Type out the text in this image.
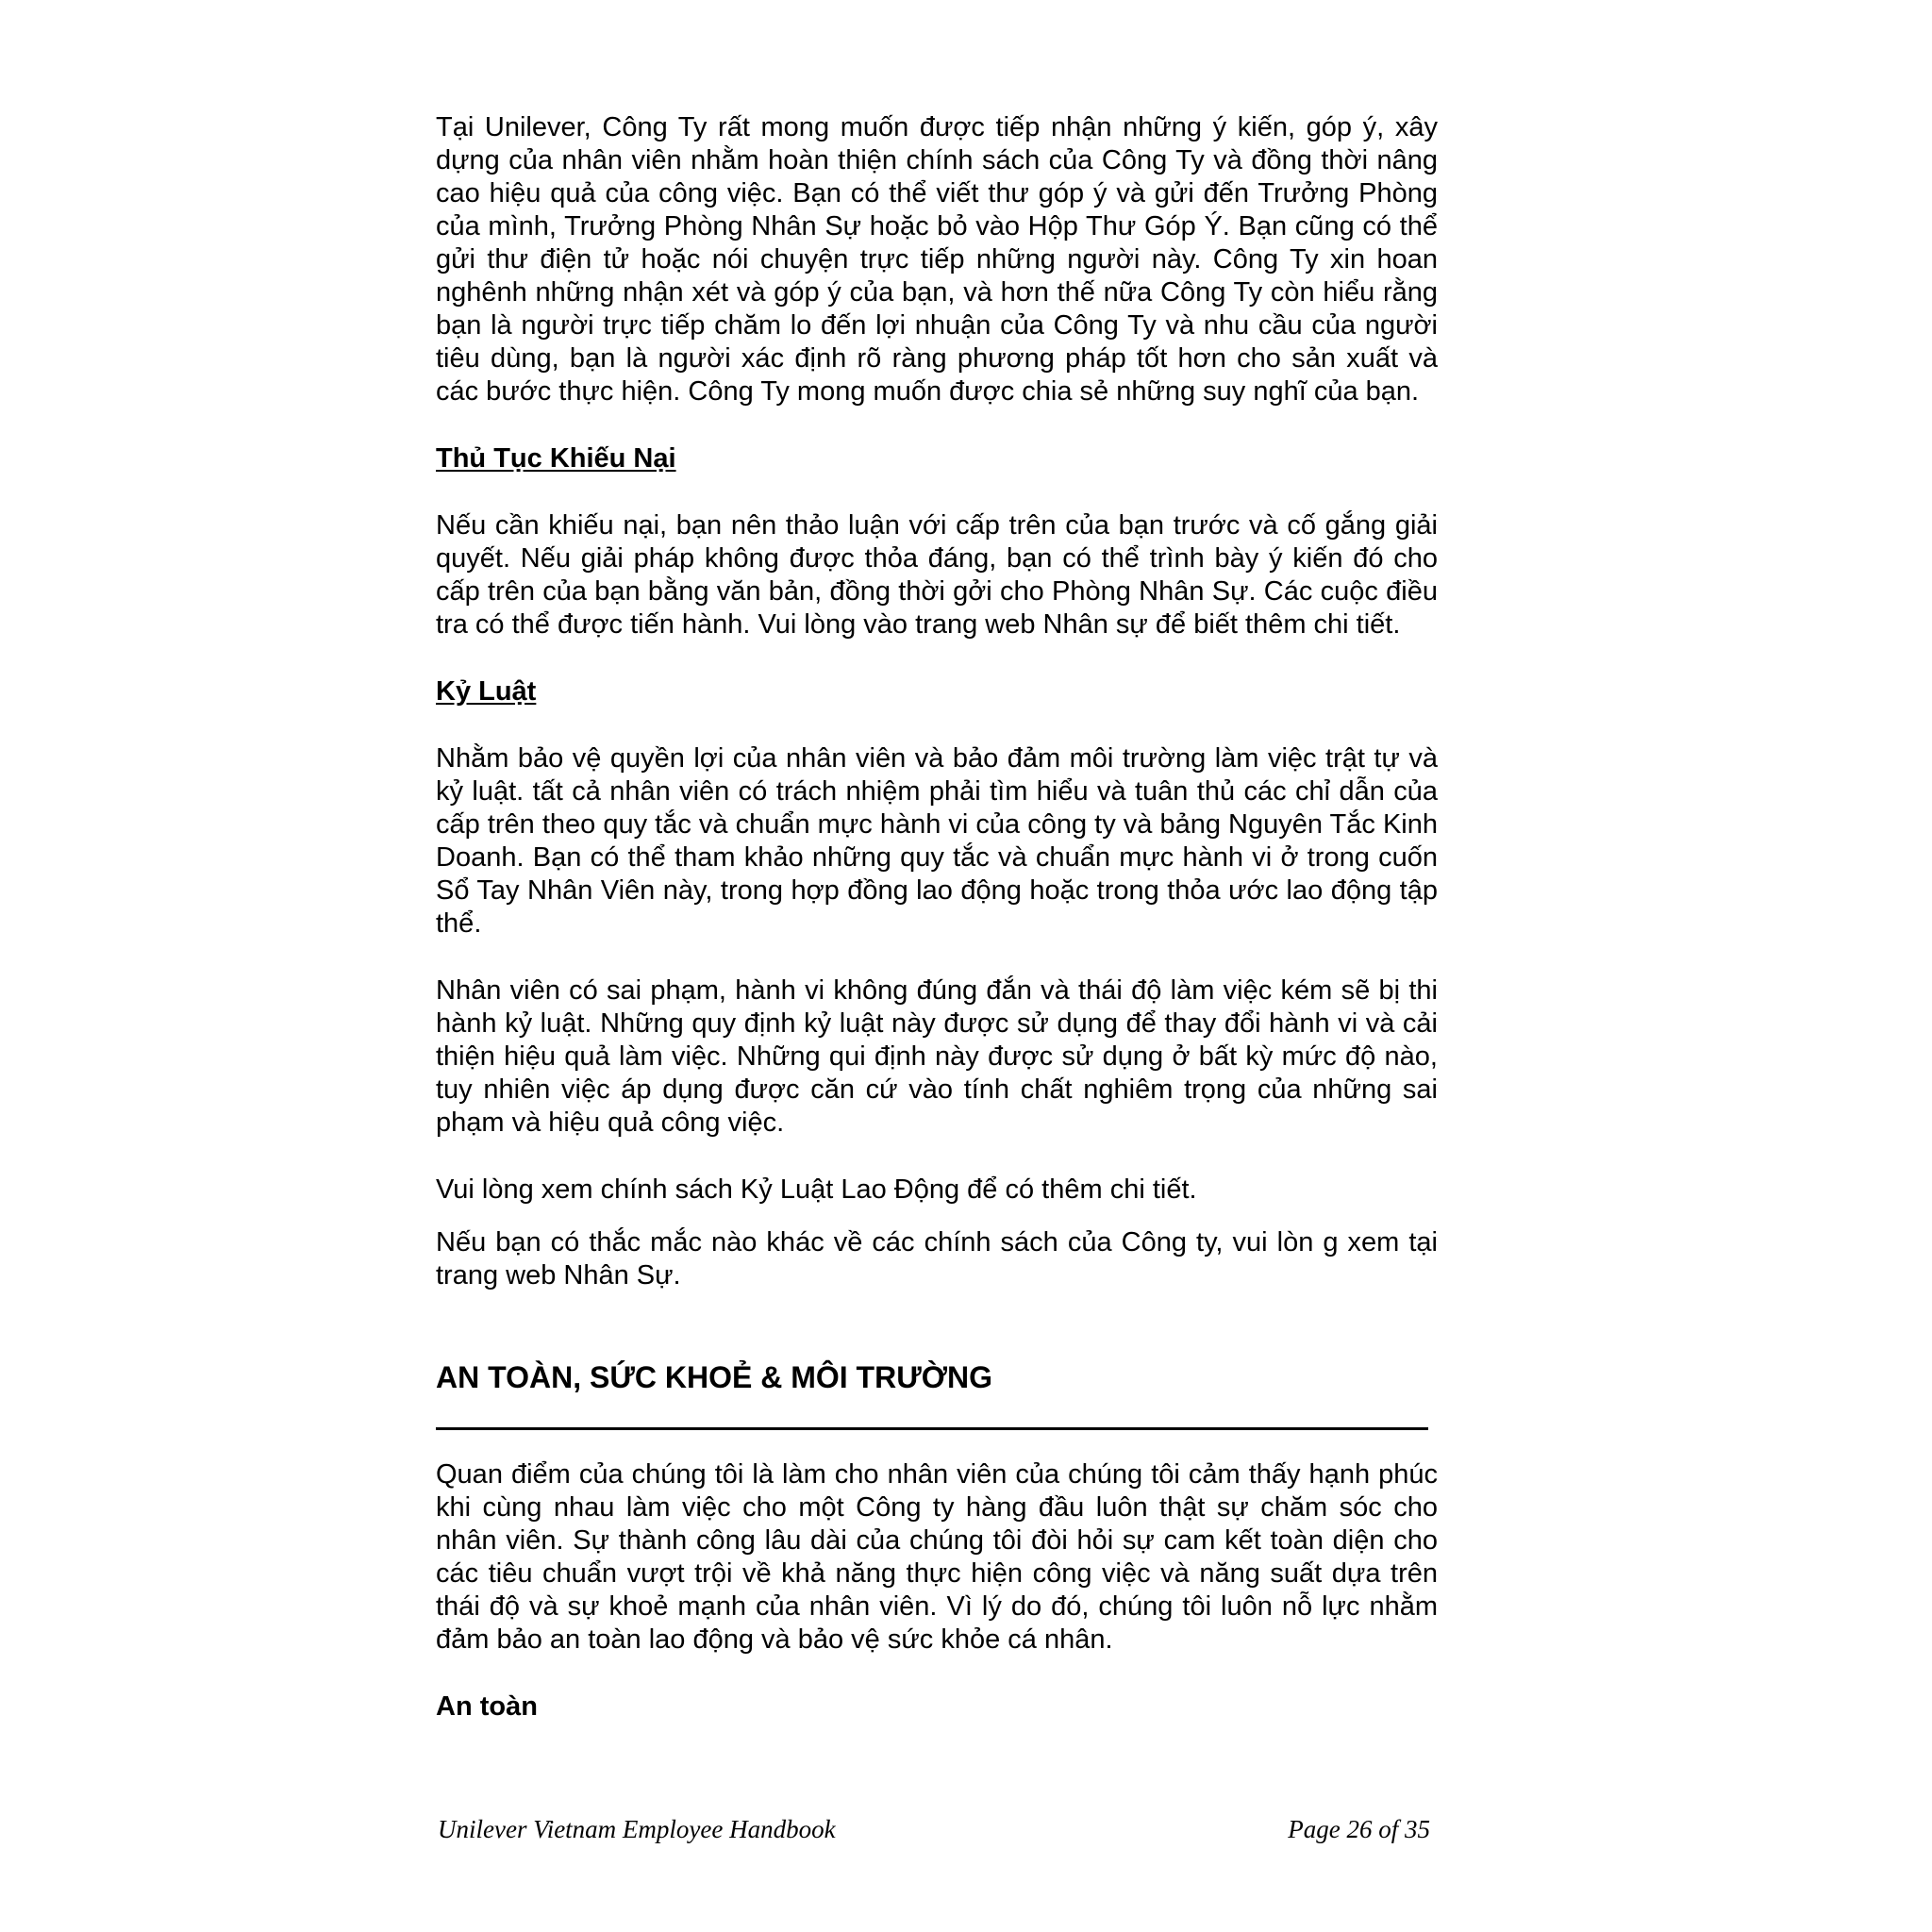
Tại Unilever, Công Ty rất mong muốn được tiếp nhận những ý kiến, góp ý, xây dựng của nhân viên nhằm hoàn thiện chính sách của Công Ty và đồng thời nâng cao hiệu quả của công việc. Bạn có thể viết thư góp ý và gửi đến Trưởng Phòng của mình, Trưởng Phòng Nhân Sự hoặc bỏ vào Hộp Thư Góp Ý. Bạn cũng có thể gửi thư điện tử hoặc nói chuyện trực tiếp những người này. Công Ty xin hoan nghênh những nhận xét và góp ý của bạn, và hơn thế nữa Công Ty còn hiểu rằng bạn là người trực tiếp chăm lo đến lợi nhuận của Công Ty và nhu cầu của người tiêu dùng, bạn là người xác định rõ ràng phương pháp tốt hơn cho sản xuất và các bước thực hiện. Công Ty mong muốn được chia sẻ những suy nghĩ của bạn.

Thủ Tục Khiếu Nại

Nếu cần khiếu nại, bạn nên thảo luận với cấp trên của bạn trước và cố gắng giải quyết. Nếu giải pháp không được thỏa đáng, bạn có thể trình bày ý kiến đó cho cấp trên của bạn bằng văn bản, đồng thời gởi cho Phòng Nhân Sự. Các cuộc điều tra có thể được tiến hành. Vui lòng vào trang web Nhân sự để biết thêm chi tiết.

Kỷ Luật

Nhằm bảo vệ quyền lợi của nhân viên và bảo đảm môi trường làm việc trật tự và kỷ luật. tất cả nhân viên có trách nhiệm phải tìm hiểu và tuân thủ các chỉ dẫn của cấp trên theo quy tắc và chuẩn mực hành vi của công ty và bảng Nguyên Tắc Kinh Doanh. Bạn có thể tham khảo những quy tắc và chuẩn mực hành vi ở trong cuốn Sổ Tay Nhân Viên này, trong hợp đồng lao động hoặc trong thỏa ước lao động tập thể.

Nhân viên có sai phạm, hành vi không đúng đắn và thái độ làm việc kém sẽ bị thi hành kỷ luật. Những quy định kỷ luật này được sử dụng để thay đổi hành vi và cải thiện hiệu quả làm việc. Những qui định này được sử dụng ở bất kỳ mức độ nào, tuy nhiên việc áp dụng được căn cứ vào tính chất nghiêm trọng của những sai phạm và hiệu quả công việc.

Vui lòng xem chính sách Kỷ Luật Lao Động để có thêm chi tiết.

Nếu bạn có thắc mắc nào khác về các chính sách của Công ty, vui lòn g xem tại trang web Nhân Sự.

AN TOÀN, SỨC KHOẺ & MÔI TRƯỜNG

Quan điểm của chúng tôi là làm cho nhân viên của chúng tôi cảm thấy hạnh phúc khi cùng nhau làm việc cho một Công ty hàng đầu luôn thật sự chăm sóc cho nhân viên. Sự thành công lâu dài của chúng tôi đòi hỏi sự cam kết toàn diện cho các tiêu chuẩn vượt trội về khả năng thực hiện công việc và năng suất dựa trên thái độ và sự khoẻ mạnh của nhân viên. Vì lý do đó, chúng tôi luôn nỗ lực nhằm đảm bảo an toàn lao động và bảo vệ sức khỏe cá nhân.

An toàn

Unilever Vietnam Employee Handbook	Page 26 of 35
